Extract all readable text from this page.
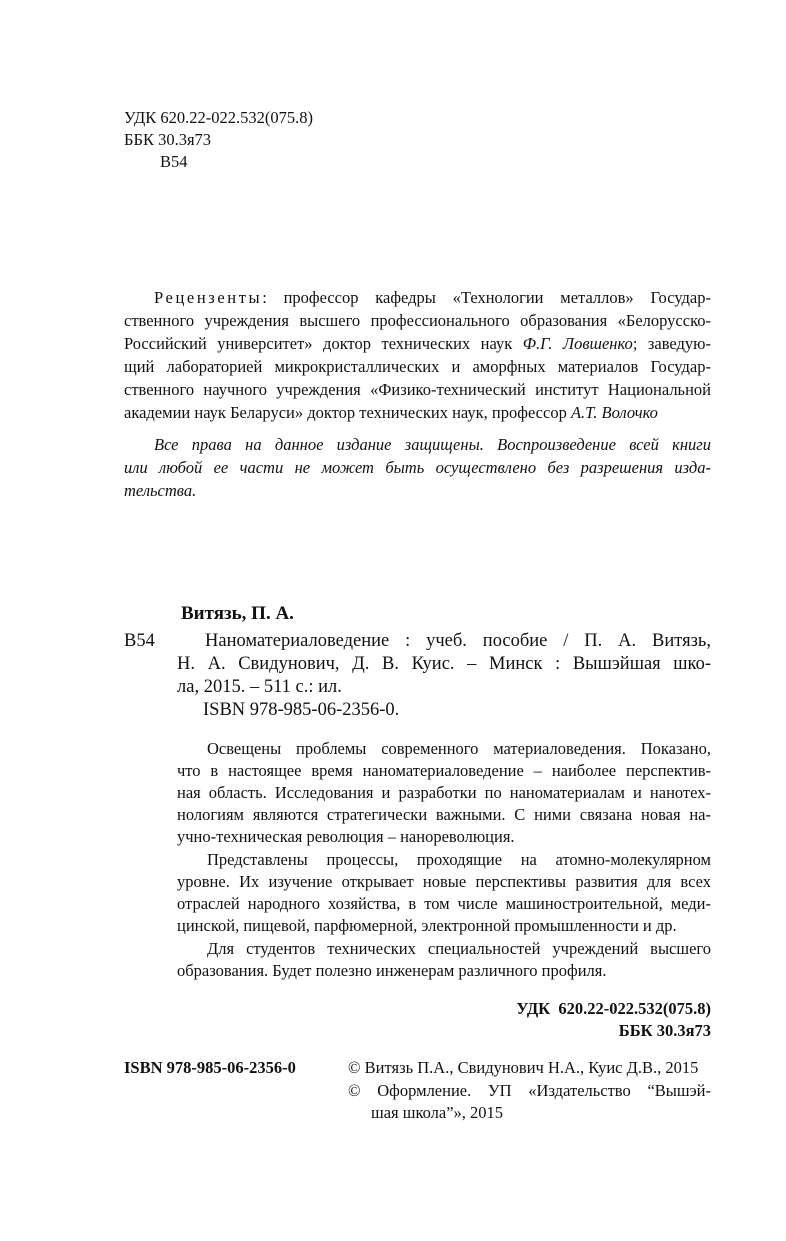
УДК 620.22-022.532(075.8)
ББК 30.3я73
В54
Рецензенты: профессор кафедры «Технологии металлов» Государ-
ственного учреждения высшего профессионального образования «Белорусско-
Российский университет» доктор технических наук Ф.Г. Ловшенко; заведую-
щий лабораторией микрокристаллических и аморфных материалов Государ-
ственного научного учреждения «Физико-технический институт Национальной
академии наук Беларуси» доктор технических наук, профессор А.Т. Волочко
Все права на данное издание защищены. Воспроизведение всей книги
или любой ее части не может быть осуществлено без разрешения изда-
тельства.
Витязь, П. А.
В54	Наноматериаловедение : учеб. пособие / П. А. Витязь,
Н. А. Свидунович, Д. В. Куис. – Минск : Вышэйшая шко-
ла, 2015. – 511 с.: ил.
ISBN 978-985-06-2356-0.
Освещены проблемы современного материаловедения. Показано,
что в настоящее время наноматериаловедение – наиболее перспектив-
ная область. Исследования и разработки по наноматериалам и нанотех-
нологиям являются стратегически важными. С ними связана новая на-
учно-техническая революция – нанореволюция.
Представлены процессы, проходящие на атомно-молекулярном
уровне. Их изучение открывает новые перспективы развития для всех
отраслей народного хозяйства, в том числе машиностроительной, меди-
цинской, пищевой, парфюмерной, электронной промышленности и др.
Для студентов технических специальностей учреждений высшего
образования. Будет полезно инженерам различного профиля.
УДК  620.22-022.532(075.8)
ББК 30.3я73
ISBN 978-985-06-2356-0	© Витязь П.А., Свидунович Н.А., Куис Д.В., 2015
© Оформление. УП «Издательство “Вышэй-
шая школа”», 2015
